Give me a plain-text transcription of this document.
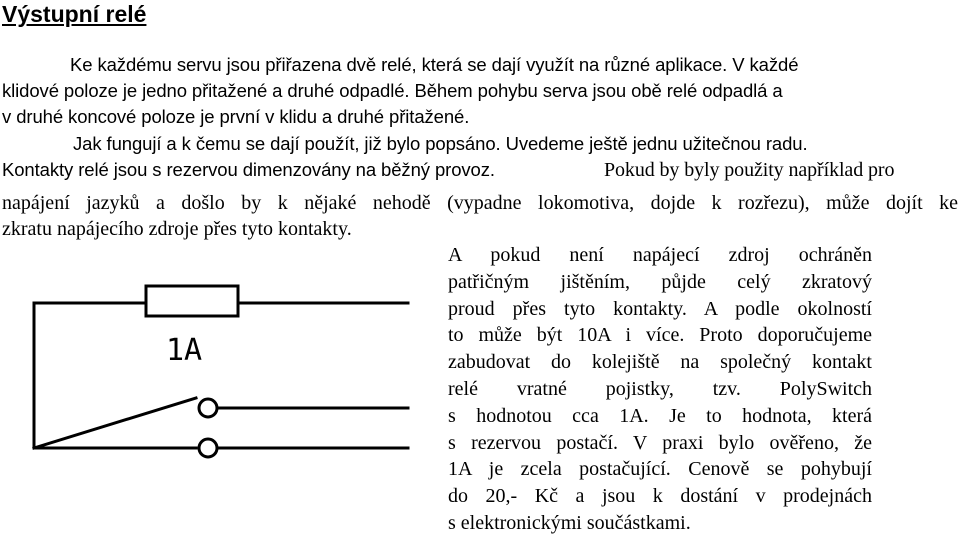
Výstupní relé
Ke každému servu jsou přiřazena dvě relé, která se dají využít na různé aplikace. V každé
klidové poloze je jedno přitažené a druhé odpadlé. Během pohybu serva jsou obě relé odpadlá a
v druhé koncové poloze je první v klidu a druhé přitažené.
Jak fungují a k čemu se dají použít, již bylo popsáno. Uvedeme ještě jednu užitečnou radu.
Kontakty relé jsou s rezervou dimenzovány na běžný provoz.	Pokud by byly použity například pro
napájení jazyků a došlo by k nějaké nehodě (vypadne lokomotiva, dojde k rozřezu), může dojít ke
zkratu napájecího zdroje přes tyto kontakty.
1A
A pokud není napájecí zdroj ochráněn
patřičným jištěním, půjde celý zkratový
proud přes tyto kontakty. A podle okolností
to může být 10A i více. Proto doporučujeme
zabudovat do kolejiště na společný kontakt
relé vratné pojistky, tzv. PolySwitch
s hodnotou cca 1A. Je to hodnota, která
s rezervou postačí. V praxi bylo ověřeno, že
1A je zcela postačující. Cenově se pohybují
do 20,- Kč a jsou k dostání v prodejnách
s elektronickými součástkami.
